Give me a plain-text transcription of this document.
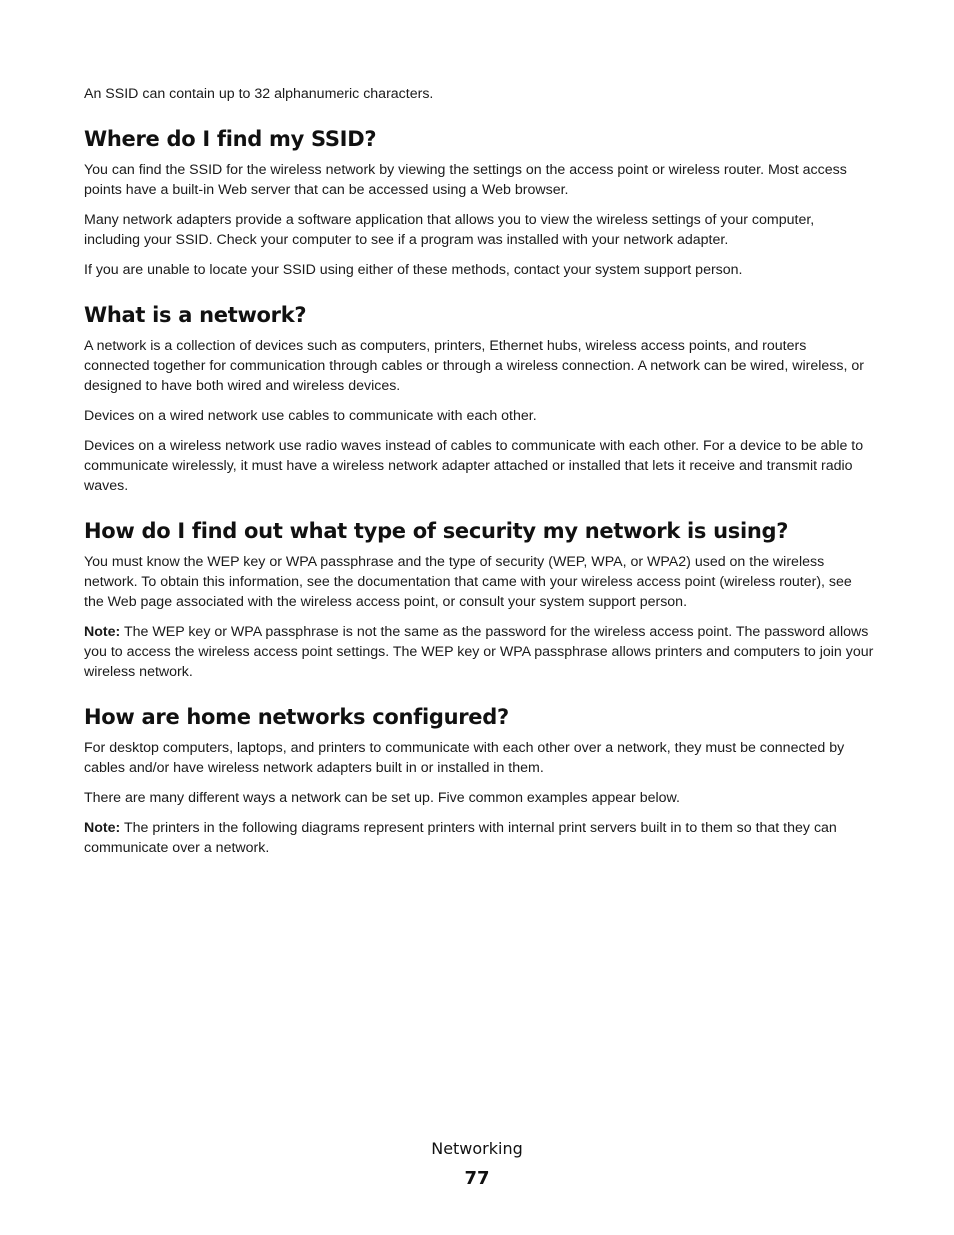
An SSID can contain up to 32 alphanumeric characters.

Where do I find my SSID?

You can find the SSID for the wireless network by viewing the settings on the access point or wireless router. Most access points have a built-in Web server that can be accessed using a Web browser.

Many network adapters provide a software application that allows you to view the wireless settings of your computer, including your SSID. Check your computer to see if a program was installed with your network adapter.

If you are unable to locate your SSID using either of these methods, contact your system support person.

What is a network?

A network is a collection of devices such as computers, printers, Ethernet hubs, wireless access points, and routers connected together for communication through cables or through a wireless connection. A network can be wired, wireless, or designed to have both wired and wireless devices.

Devices on a wired network use cables to communicate with each other.

Devices on a wireless network use radio waves instead of cables to communicate with each other. For a device to be able to communicate wirelessly, it must have a wireless network adapter attached or installed that lets it receive and transmit radio waves.

How do I find out what type of security my network is using?

You must know the WEP key or WPA passphrase and the type of security (WEP, WPA, or WPA2) used on the wireless network. To obtain this information, see the documentation that came with your wireless access point (wireless router), see the Web page associated with the wireless access point, or consult your system support person.

Note: The WEP key or WPA passphrase is not the same as the password for the wireless access point. The password allows you to access the wireless access point settings. The WEP key or WPA passphrase allows printers and computers to join your wireless network.

How are home networks configured?

For desktop computers, laptops, and printers to communicate with each other over a network, they must be connected by cables and/or have wireless network adapters built in or installed in them.

There are many different ways a network can be set up. Five common examples appear below.

Note: The printers in the following diagrams represent printers with internal print servers built in to them so that they can communicate over a network.

Networking
77
